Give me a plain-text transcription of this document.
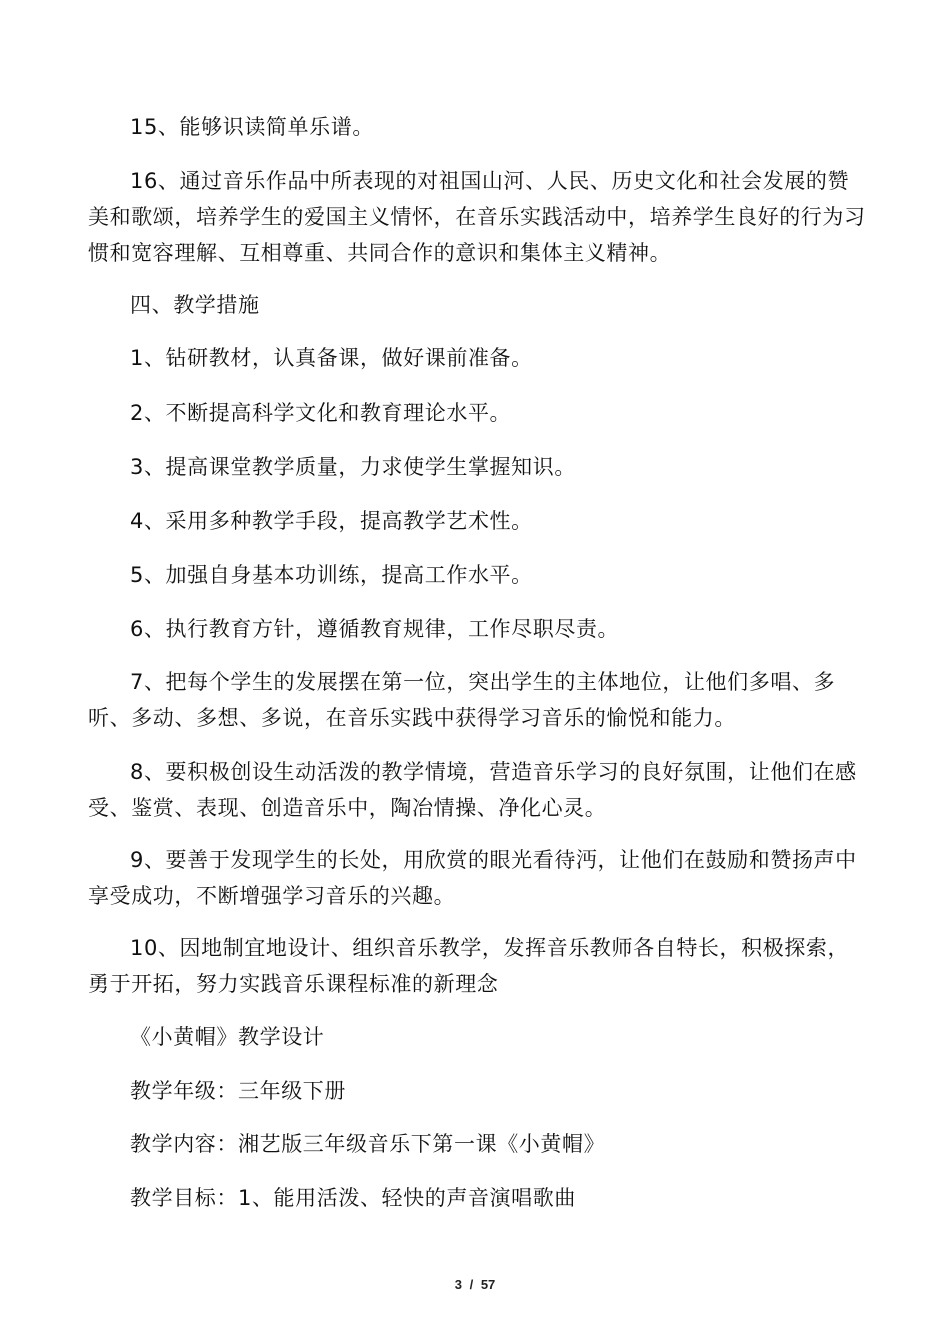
15、能够识读简单乐谱。

16、通过音乐作品中所表现的对祖国山河、人民、历史文化和社会发展的赞美和歌颂，培养学生的爱国主义情怀，在音乐实践活动中，培养学生良好的行为习惯和宽容理解、互相尊重、共同合作的意识和集体主义精神。

四、教学措施

1、钻研教材，认真备课，做好课前准备。

2、不断提高科学文化和教育理论水平。

3、提高课堂教学质量，力求使学生掌握知识。

4、采用多种教学手段，提高教学艺术性。

5、加强自身基本功训练，提高工作水平。

6、执行教育方针，遵循教育规律，工作尽职尽责。

7、把每个学生的发展摆在第一位，突出学生的主体地位，让他们多唱、多听、多动、多想、多说，在音乐实践中获得学习音乐的愉悦和能力。

8、要积极创设生动活泼的教学情境，营造音乐学习的良好氛围，让他们在感受、鉴赏、表现、创造音乐中，陶冶情操、净化心灵。

9、要善于发现学生的长处，用欣赏的眼光看待沔，让他们在鼓励和赞扬声中享受成功，不断增强学习音乐的兴趣。

10、因地制宜地设计、组织音乐教学，发挥音乐教师各自特长，积极探索，勇于开拓，努力实践音乐课程标准的新理念

《小黄帽》教学设计

教学年级：三年级下册

教学内容：湘艺版三年级音乐下第一课《小黄帽》

教学目标：1、能用活泼、轻快的声音演唱歌曲

3 / 57
